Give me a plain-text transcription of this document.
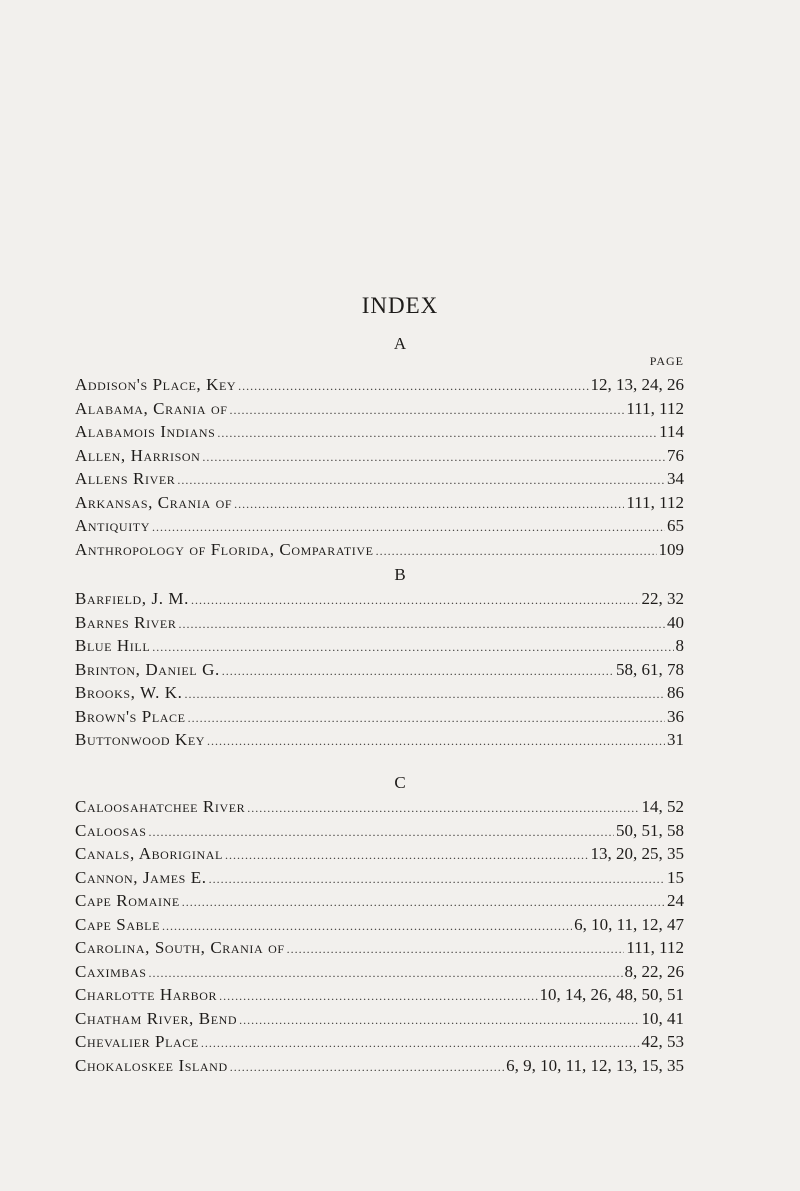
INDEX
PAGE
A
Addison's Place, Key .....	12, 13, 24, 26
Alabama, Crania of .....	111, 112
Alabamois Indians .....	114
Allen, Harrison .....	76
Allens River .....	34
Arkansas, Crania of .....	111, 112
Antiquity .....	65
Anthropology of Florida, Comparative .....	109
B
Barfield, J. M. .....	22, 32
Barnes River .....	40
Blue Hill .....	8
Brinton, Daniel G. .....	58, 61, 78
Brooks, W. K. .....	86
Brown's Place .....	36
Buttonwood Key .....	31
C
Caloosahatchee River .....	14, 52
Caloosas .....	50, 51, 58
Canals, Aboriginal .....	13, 20, 25, 35
Cannon, James E. .....	15
Cape Romaine .....	24
Cape Sable .....	6, 10, 11, 12, 47
Carolina, South, Crania of .....	111, 112
Caximbas .....	8, 22, 26
Charlotte Harbor .....	10, 14, 26, 48, 50, 51
Chatham River, Bend .....	10, 41
Chevalier Place .....	42, 53
Chokaloskee Island .....	6, 9, 10, 11, 12, 13, 15, 35
